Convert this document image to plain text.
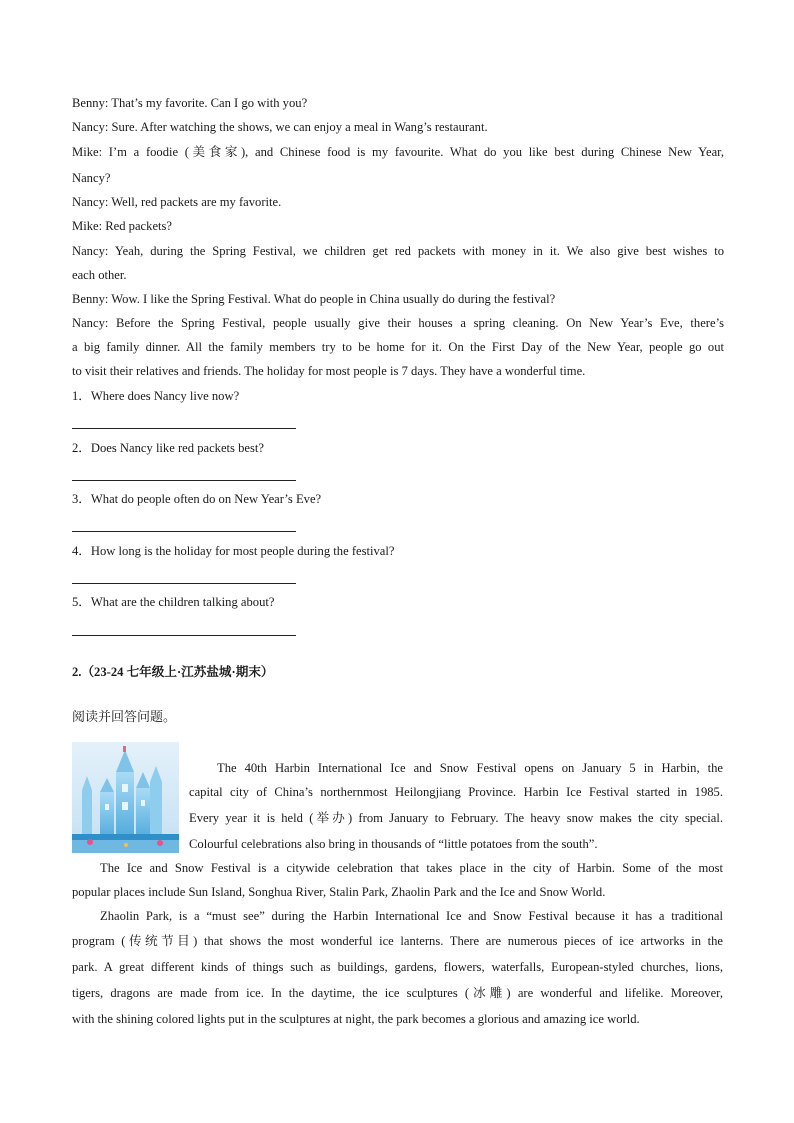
Benny: That’s my favorite. Can I go with you?
Nancy: Sure. After watching the shows, we can enjoy a meal in Wang’s restaurant.
Mike: I’m a foodie (美食家), and Chinese food is my favourite. What do you like best during Chinese New Year,
Nancy?
Nancy: Well, red packets are my favorite.
Mike: Red packets?
Nancy: Yeah, during the Spring Festival, we children get red packets with money in it. We also give best wishes to
each other.
Benny: Wow. I like the Spring Festival. What do people in China usually do during the festival?
Nancy: Before the Spring Festival, people usually give their houses a spring cleaning. On New Year’s Eve, there’s
a big family dinner. All the family members try to be home for it. On the First Day of the New Year, people go out
to visit their relatives and friends. The holiday for most people is 7 days. They have a wonderful time.
1．Where does Nancy live now?
2．Does Nancy like red packets best?
3．What do people often do on New Year’s Eve?
4．How long is the holiday for most people during the festival?
5．What are the children talking about?
2.（23-24 七年级上·江苏盐城·期末）
阅读并回答问题。
The 40th Harbin International Ice and Snow Festival opens on January 5 in Harbin, the
capital city of China’s northernmost Heilongjiang Province. Harbin Ice Festival started in 1985.
Every year it is held (举办) from January to February. The heavy snow makes the city special.
Colourful celebrations also bring in thousands of “little potatoes from the south”.
The Ice and Snow Festival is a citywide celebration that takes place in the city of Harbin. Some of the most
popular places include Sun Island, Songhua River, Stalin Park, Zhaolin Park and the Ice and Snow World.
Zhaolin Park, is a “must see” during the Harbin International Ice and Snow Festival because it has a traditional
program (传统节目) that shows the most wonderful ice lanterns. There are numerous pieces of ice artworks in the
park. A great different kinds of things such as buildings, gardens, flowers, waterfalls, European-styled churches, lions,
tigers, dragons are made from ice. In the daytime, the ice sculptures (冰雕) are wonderful and lifelike. Moreover,
with the shining colored lights put in the sculptures at night, the park becomes a glorious and amazing ice world.
